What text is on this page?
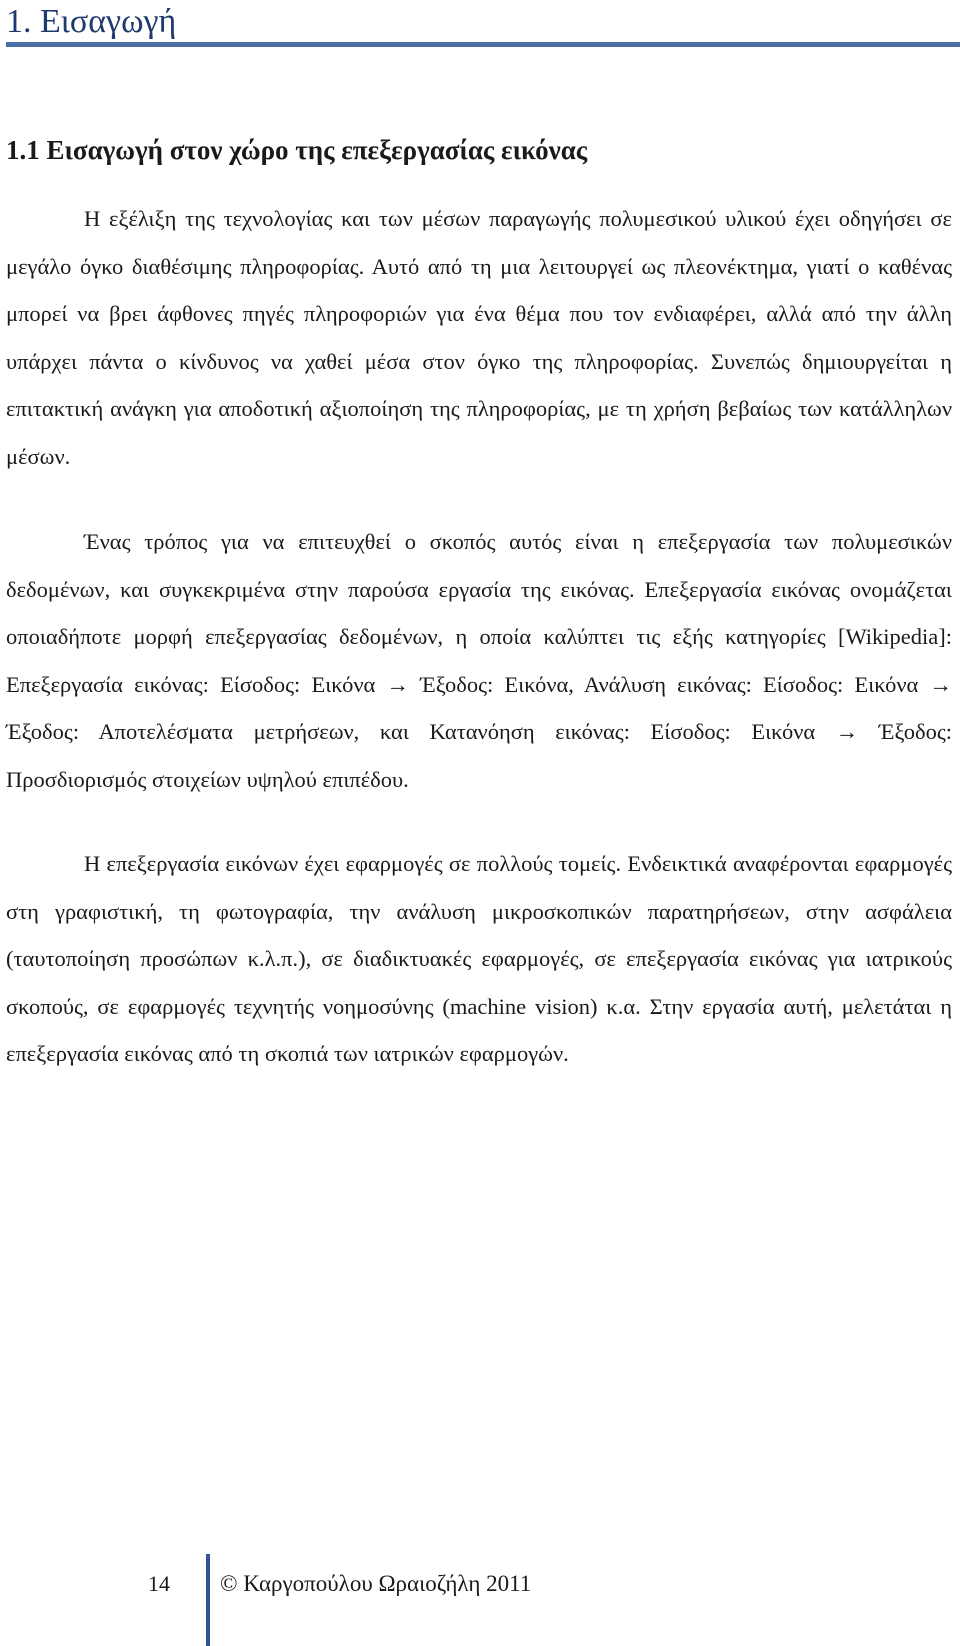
1. Εισαγωγή
1.1 Εισαγωγή στον χώρο της επεξεργασίας εικόνας

Η εξέλιξη της τεχνολογίας και των μέσων παραγωγής πολυμεσικού υλικού έχει οδηγήσει σε μεγάλο όγκο διαθέσιμης πληροφορίας. Αυτό από τη μια λειτουργεί ως πλεονέκτημα, γιατί ο καθένας μπορεί να βρει άφθονες πηγές πληροφοριών για ένα θέμα που τον ενδιαφέρει, αλλά από την άλλη υπάρχει πάντα ο κίνδυνος να χαθεί μέσα στον όγκο της πληροφορίας. Συνεπώς δημιουργείται η επιτακτική ανάγκη για αποδοτική αξιοποίηση της πληροφορίας, με τη χρήση βεβαίως των κατάλληλων μέσων.

Ένας τρόπος για να επιτευχθεί ο σκοπός αυτός είναι η επεξεργασία των πολυμεσικών δεδομένων, και συγκεκριμένα στην παρούσα εργασία της εικόνας. Επεξεργασία εικόνας ονομάζεται οποιαδήποτε μορφή επεξεργασίας δεδομένων, η οποία καλύπτει τις εξής κατηγορίες [Wikipedia]: Επεξεργασία εικόνας: Είσοδος: Εικόνα → Έξοδος: Εικόνα, Ανάλυση εικόνας: Είσοδος: Εικόνα → Έξοδος: Αποτελέσματα μετρήσεων, και Κατανόηση εικόνας: Είσοδος: Εικόνα → Έξοδος: Προσδιορισμός στοιχείων υψηλού επιπέδου.

Η επεξεργασία εικόνων έχει εφαρμογές σε πολλούς τομείς. Ενδεικτικά αναφέρονται εφαρμογές στη γραφιστική, τη φωτογραφία, την ανάλυση μικροσκοπικών παρατηρήσεων, στην ασφάλεια (ταυτοποίηση προσώπων κ.λ.π.), σε διαδικτυακές εφαρμογές, σε επεξεργασία εικόνας για ιατρικούς σκοπούς, σε εφαρμογές τεχνητής νοημοσύνης (machine vision) κ.α. Στην εργασία αυτή, μελετάται η επεξεργασία εικόνας από τη σκοπιά των ιατρικών εφαρμογών.

14 © Καργοπούλου Ωραιοζήλη 2011
